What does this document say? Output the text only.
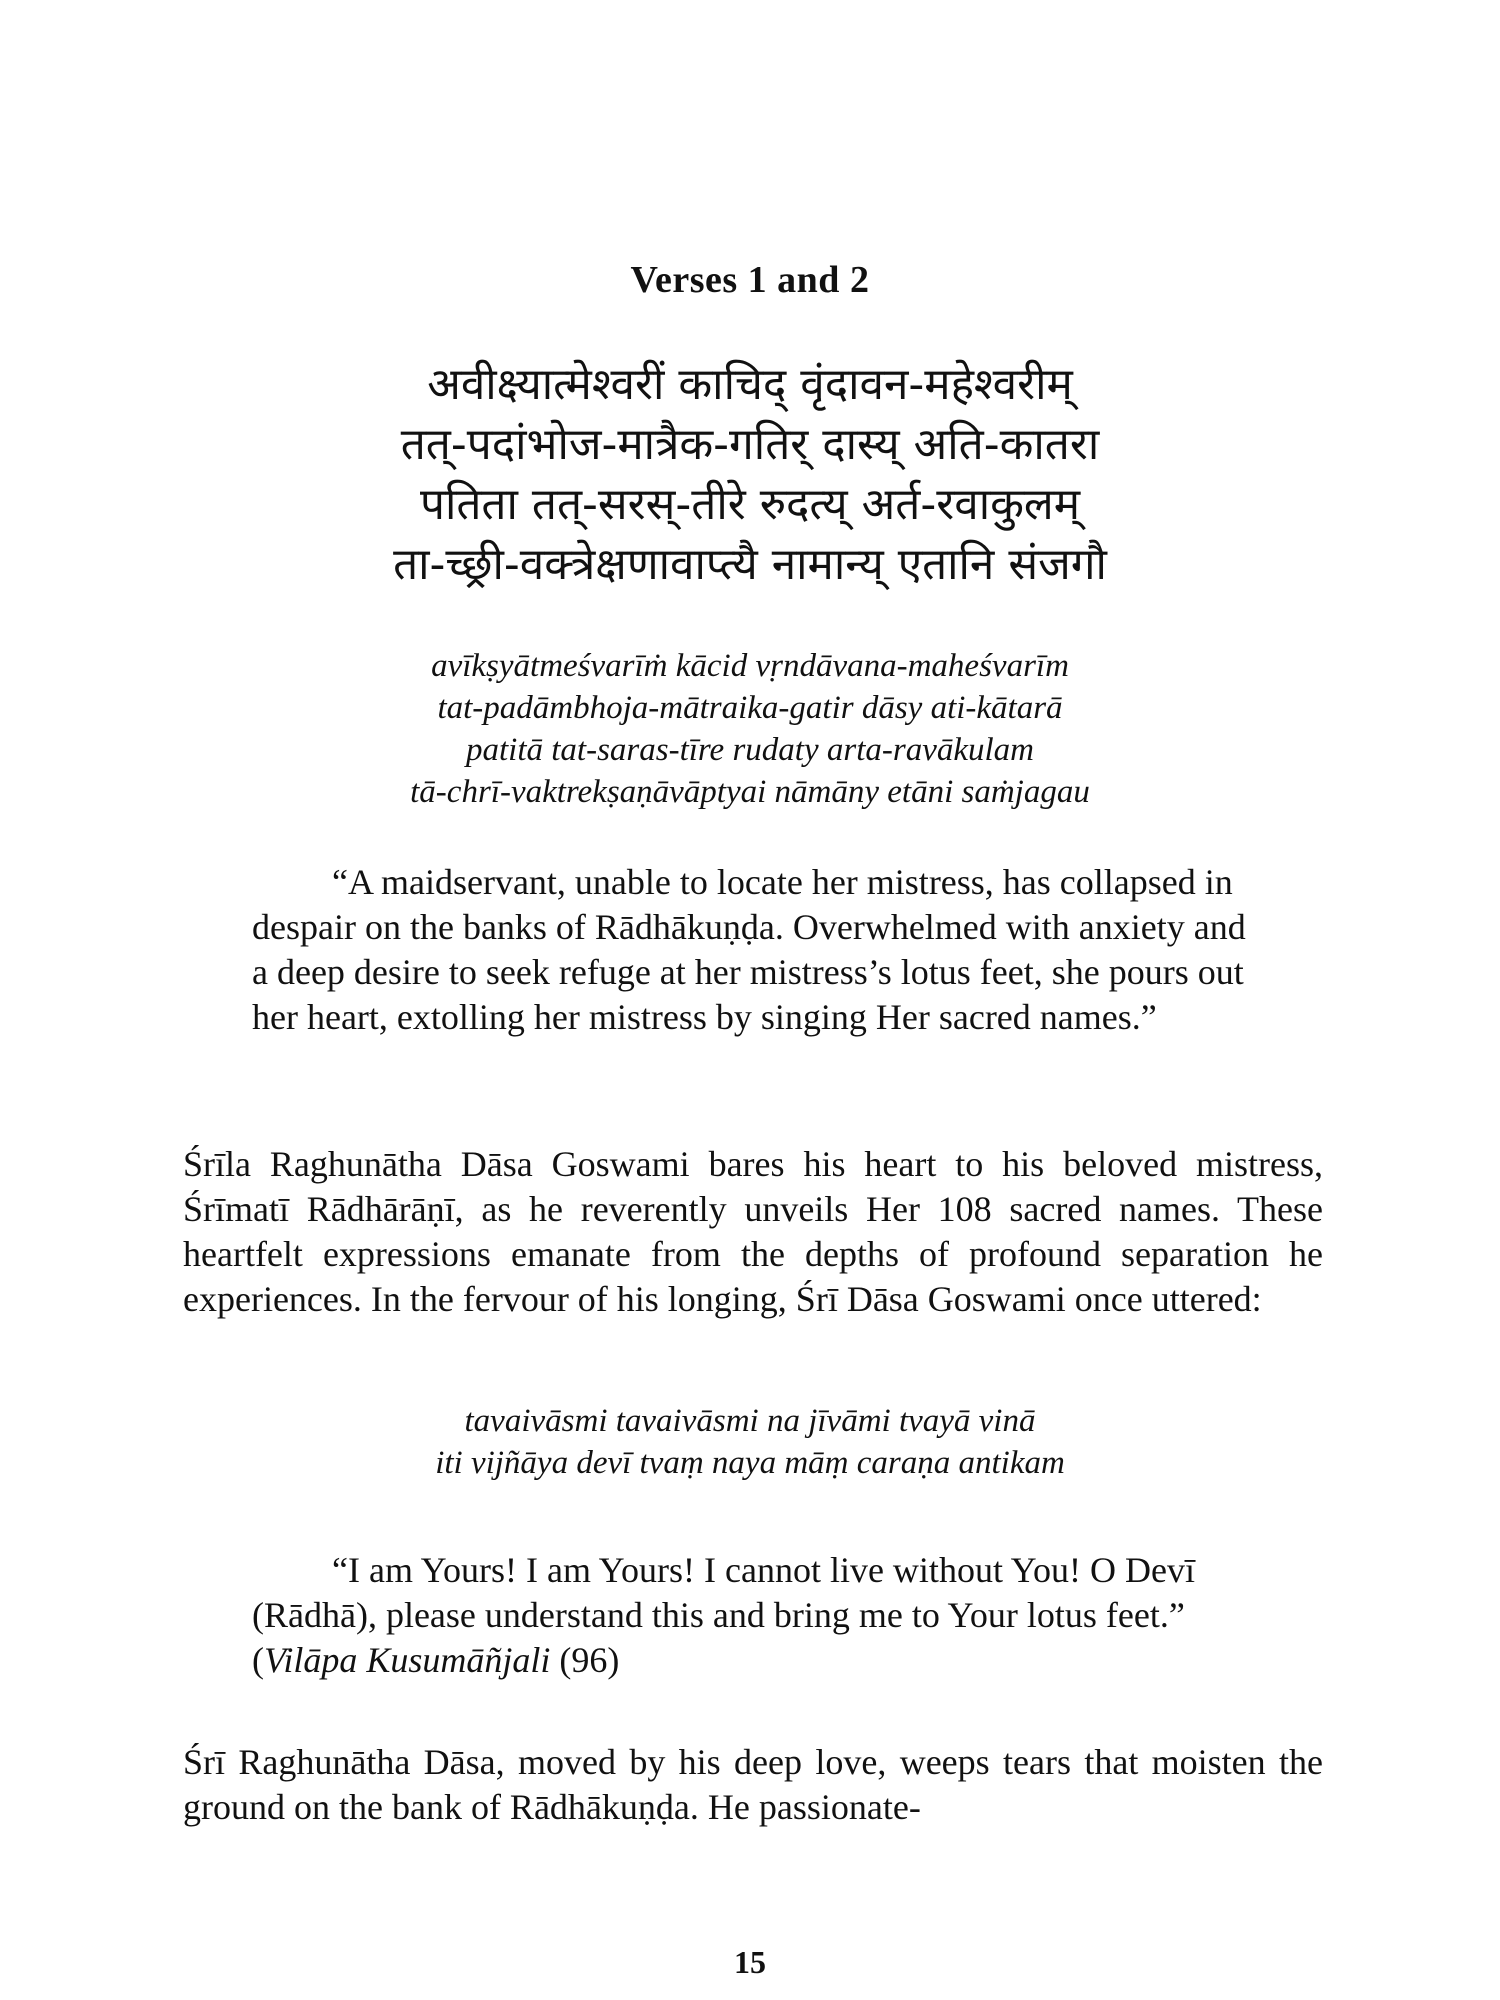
Verses 1 and 2
अवीक्ष्यात्मेश्वरीं काचिद् वृंदावन-महेश्वरीम्
तत्-पदांभोज-मात्रैक-गतिर् दास्य् अति-कातरा
पतिता तत्-सरस्-तीरे रुदत्य् अर्त-रवाकुलम्
ता-च्छ्री-वक्त्रेक्षणावाप्त्यै नामान्य् एतानि संजगौ
avīkṣyātmeśvarīṁ kācid vṛndāvana-maheśvarīm
tat-padāmbhoja-mātraika-gatir dāsy ati-kātarā
patitā tat-saras-tīre rudaty arta-ravākulam
tā-chrī-vaktrekṣaṇāvāptyai nāmāny etāni saṁjagau

“A maidservant, unable to locate her mistress, has collapsed in despair on the banks of Rādhākuṇḍa. Overwhelmed with anxiety and a deep desire to seek refuge at her mistress’s lotus feet, she pours out her heart, extolling her mistress by singing Her sacred names.”

Śrīla Raghunātha Dāsa Goswami bares his heart to his beloved mistress, Śrīmatī Rādhārāṇī, as he reverently unveils Her 108 sacred names. These heartfelt expressions emanate from the depths of profound separation he experiences. In the fervour of his longing, Śrī Dāsa Goswami once uttered:

tavaivāsmi tavaivāsmi na jīvāmi tvayā vinā
iti vijñāya devī tvaṃ naya māṃ caraṇa antikam

“I am Yours! I am Yours! I cannot live without You! O Devī (Rādhā), please understand this and bring me to Your lotus feet.” (Vilāpa Kusumāñjali (96)

Śrī Raghunātha Dāsa, moved by his deep love, weeps tears that moisten the ground on the bank of Rādhākuṇḍa. He passionate-

15
